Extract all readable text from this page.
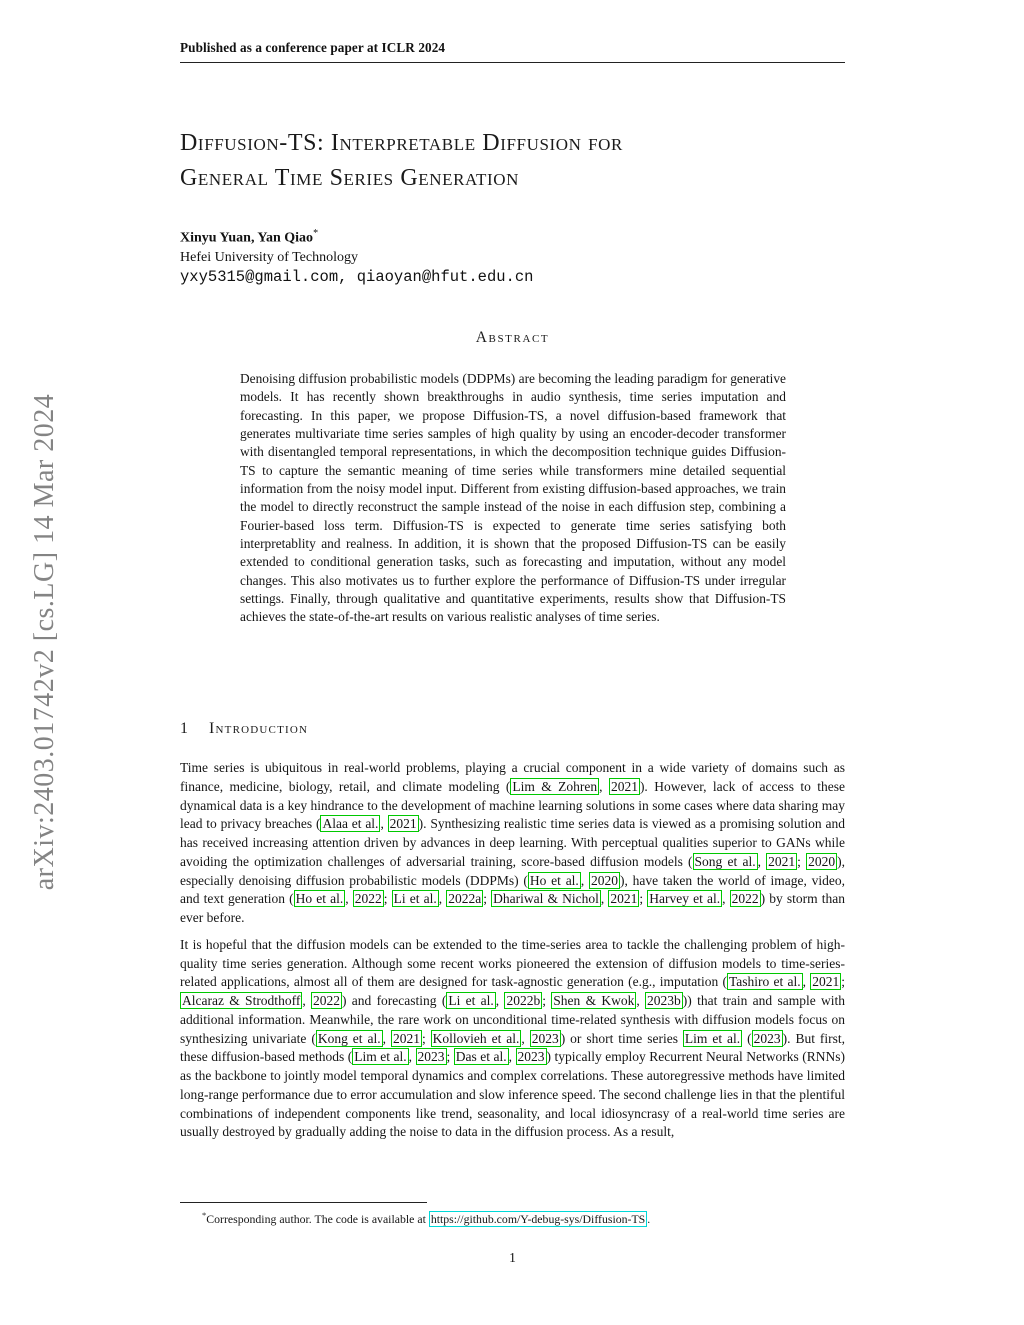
arXiv:2403.01742v2 [cs.LG] 14 Mar 2024
Published as a conference paper at ICLR 2024
Diffusion-TS: Interpretable Diffusion for
General Time Series Generation
Xinyu Yuan, Yan Qiao*
Hefei University of Technology
yxy5315@gmail.com, qiaoyan@hfut.edu.cn
Abstract
Denoising diffusion probabilistic models (DDPMs) are becoming the leading paradigm for generative models. It has recently shown breakthroughs in audio synthesis, time series imputation and forecasting. In this paper, we propose Diffusion-TS, a novel diffusion-based framework that generates multivariate time series samples of high quality by using an encoder-decoder transformer with disentangled temporal representations, in which the decomposition technique guides Diffusion-TS to capture the semantic meaning of time series while transformers mine detailed sequential information from the noisy model input. Different from existing diffusion-based approaches, we train the model to directly reconstruct the sample instead of the noise in each diffusion step, combining a Fourier-based loss term. Diffusion-TS is expected to generate time series satisfying both interpretablity and realness. In addition, it is shown that the proposed Diffusion-TS can be easily extended to conditional generation tasks, such as forecasting and imputation, without any model changes. This also motivates us to further explore the performance of Diffusion-TS under irregular settings. Finally, through qualitative and quantitative experiments, results show that Diffusion-TS achieves the state-of-the-art results on various realistic analyses of time series.
1 Introduction

Time series is ubiquitous in real-world problems, playing a crucial component in a wide variety of domains such as finance, medicine, biology, retail, and climate modeling ( Lim & Zohren , 2021 ). However, lack of access to these dynamical data is a key hindrance to the development of machine learning solutions in some cases where data sharing may lead to privacy breaches ( Alaa et al. , 2021 ). Synthesizing realistic time series data is viewed as a promising solution and has received increasing attention driven by advances in deep learning. With perceptual qualities superior to GANs while avoiding the optimization challenges of adversarial training, score-based diffusion models ( Song et al. , 2021 ; 2020 ), especially denoising diffusion probabilistic models (DDPMs) ( Ho et al. , 2020 ), have taken the world of image, video, and text generation ( Ho et al. , 2022 ; Li et al. , 2022a ; Dhariwal & Nichol , 2021 ; Harvey et al. , 2022 ) by storm than ever before.

It is hopeful that the diffusion models can be extended to the time-series area to tackle the challenging problem of high-quality time series generation. Although some recent works pioneered the extension of diffusion models to time-series-related applications, almost all of them are designed for task-agnostic generation (e.g., imputation ( Tashiro et al. , 2021 ; Alcaraz & Strodthoff , 2022 ) and forecasting ( Li et al. , 2022b ; Shen & Kwok , 2023b )) that train and sample with additional information. Meanwhile, the rare work on unconditional time-related synthesis with diffusion models focus on synthesizing univariate ( Kong et al. , 2021 ; Kollovieh et al. , 2023 ) or short time series Lim et al. ( 2023 ). But first, these diffusion-based methods ( Lim et al. , 2023 ; Das et al. , 2023 ) typically employ Recurrent Neural Networks (RNNs) as the backbone to jointly model temporal dynamics and complex correlations. These autoregressive methods have limited long-range performance due to error accumulation and slow inference speed. The second challenge lies in that the plentiful combinations of independent components like trend, seasonality, and local idiosyncrasy of a real-world time series are usually destroyed by gradually adding the noise to data in the diffusion process. As a result,

*Corresponding author. The code is available at https://github.com/Y-debug-sys/Diffusion-TS .
1
